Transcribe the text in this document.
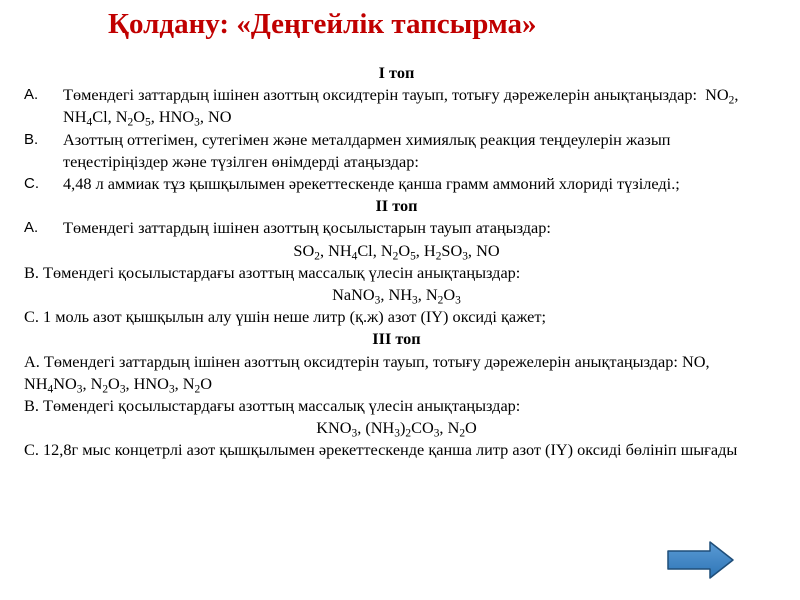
Қолдану: «Деңгейлік тапсырма»
І топ
A.	Төмендегі заттардың ішінен азоттың оксидтерін тауып, тотығу дәрежелерін анықтаңыздар: $NO_2$, $NH_4Cl$, $N_2O_5$, $HNO_3$, NO
B.	Азоттың оттегімен, сутегімен және металдармен химиялық реакция теңдеулерін жазып теңестіріңіздер және түзілген өнімдерді атаңыздар:
C.	4,48 л аммиак тұз қышқылымен әрекеттескенде қанша грамм аммоний хлориді түзіледі.;
ІІ топ
A.	Төмендегі заттардың ішінен азоттың қосылыстарын тауып атаңыздар:
$SO_2$, $NH_4Cl$, $N_2O_5$, $H_2SO_3$, NO
В. Төмендегі қосылыстардағы азоттың массалық үлесін анықтаңыздар:
NaNO$_3$, $NH_3$, $N_2O_3$
С. 1 моль азот қышқылын алу үшін неше литр (қ.ж) азот (ІҮ) оксиді қажет;
ІІІ топ
А. Төмендегі заттардың ішінен азоттың оксидтерін тауып, тотығу дәрежелерін анықтаңыздар: NO, $NH_4NO_3$, $N_2O_3$, $HNO_3$, $N_2O$
В. Төмендегі қосылыстардағы азоттың массалық үлесін анықтаңыздар:
$KNO_3$, $(NH_3)_2CO_3$, $N_2O$
С. 12,8г мыс концетрлі азот қышқылымен әрекеттескенде қанша литр азот (ІҮ) оксиді бөлініп шығады
